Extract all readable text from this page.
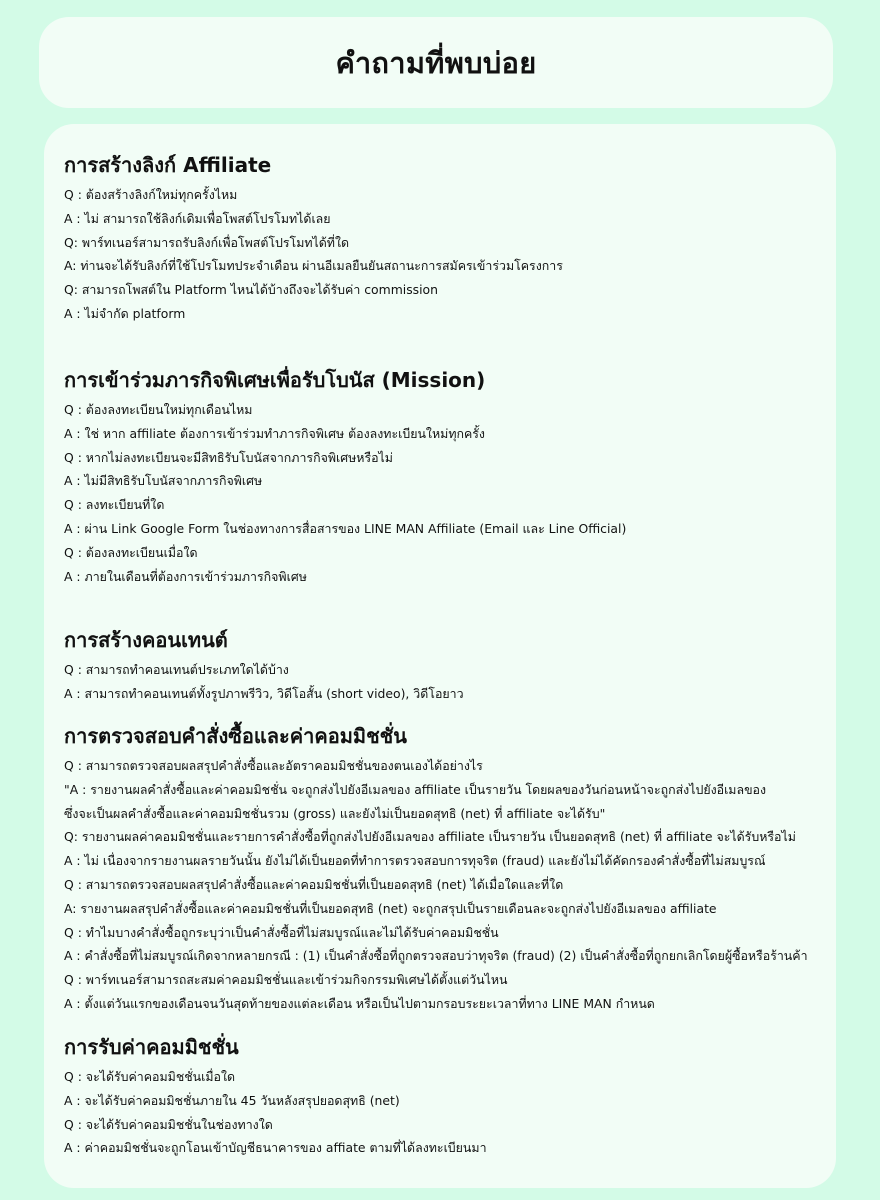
คำถามที่พบบ่อย
การสร้างลิงก์ Affiliate

Q : ต้องสร้างลิงก์ใหม่ทุกครั้งไหม

A : ไม่ สามารถใช้ลิงก์เดิมเพื่อโพสต์โปรโมทได้เลย

Q: พาร์ทเนอร์สามารถรับลิงก์เพื่อโพสต์โปรโมทได้ที่ใด

A: ท่านจะได้รับลิงก์ที่ใช้โปรโมทประจำเดือน ผ่านอีเมลยืนยันสถานะการสมัครเข้าร่วมโครงการ

Q: สามารถโพสต์ใน Platform ไหนได้บ้างถึงจะได้รับค่า commission

A : ไม่จำกัด platform

การเข้าร่วมภารกิจพิเศษเพื่อรับโบนัส (Mission)

Q : ต้องลงทะเบียนใหม่ทุกเดือนไหม

A : ใช่ หาก affiliate ต้องการเข้าร่วมทำภารกิจพิเศษ ต้องลงทะเบียนใหม่ทุกครั้ง

Q : หากไม่ลงทะเบียนจะมีสิทธิรับโบนัสจากภารกิจพิเศษหรือไม่

A : ไม่มีสิทธิรับโบนัสจากภารกิจพิเศษ

Q : ลงทะเบียนที่ใด

A : ผ่าน Link Google Form ในช่องทางการสื่อสารของ LINE MAN Affiliate (Email และ Line Official)

Q : ต้องลงทะเบียนเมื่อใด

A : ภายในเดือนที่ต้องการเข้าร่วมภารกิจพิเศษ

การสร้างคอนเทนต์

Q : สามารถทำคอนเทนต์ประเภทใดได้บ้าง

A : สามารถทำคอนเทนต์ทั้งรูปภาพรีวิว, วิดีโอสั้น (short video), วิดีโอยาว

การตรวจสอบคำสั่งซื้อและค่าคอมมิชชั่น

Q : สามารถตรวจสอบผลสรุปคำสั่งซื้อและอัตราคอมมิชชั่นของตนเองได้อย่างไร

"A : รายงานผลคำสั่งซื้อและค่าคอมมิชชั่น จะถูกส่งไปยังอีเมลของ affiliate เป็นรายวัน โดยผลของวันก่อนหน้าจะถูกส่งไปยังอีเมลของ

ซึ่งจะเป็นผลคำสั่งซื้อและค่าคอมมิชชั่นรวม (gross) และยังไม่เป็นยอดสุทธิ (net) ที่ affiliate จะได้รับ"

Q: รายงานผลค่าคอมมิชชั่นและรายการคำสั่งซื้อที่ถูกส่งไปยังอีเมลของ affiliate เป็นรายวัน เป็นยอดสุทธิ (net) ที่ affiliate จะได้รับหรือไม่

A : ไม่ เนื่องจากรายงานผลรายวันนั้น ยังไม่ได้เป็นยอดที่ทำการตรวจสอบการทุจริต (fraud) และยังไม่ได้คัดกรองคำสั่งซื้อที่ไม่สมบูรณ์

Q : สามารถตรวจสอบผลสรุปคำสั่งซื้อและค่าคอมมิชชั่นที่เป็นยอดสุทธิ (net) ได้เมื่อใดและที่ใด

A: รายงานผลสรุปคำสั่งซื้อและค่าคอมมิชชั่นที่เป็นยอดสุทธิ (net) จะถูกสรุปเป็นรายเดือนละจะถูกส่งไปยังอีเมลของ affiliate

Q : ทำไมบางคำสั่งซื้อถูกระบุว่าเป็นคำสั่งซื้อที่ไม่สมบูรณ์และไม่ได้รับค่าคอมมิชชั่น

A : คำสั่งซื้อที่ไม่สมบูรณ์เกิดจากหลายกรณี : (1) เป็นคำสั่งซื้อที่ถูกตรวจสอบว่าทุจริต (fraud) (2) เป็นคำสั่งซื้อที่ถูกยกเลิกโดยผู้ซื้อหรือร้านค้า

Q : พาร์ทเนอร์สามารถสะสมค่าคอมมิชชั่นและเข้าร่วมกิจกรรมพิเศษได้ตั้งแต่วันไหน

A : ตั้งแต่วันแรกของเดือนจนวันสุดท้ายของแต่ละเดือน หรือเป็นไปตามกรอบระยะเวลาที่ทาง LINE MAN กำหนด

การรับค่าคอมมิชชั่น

Q : จะได้รับค่าคอมมิชชั่นเมื่อใด

A : จะได้รับค่าคอมมิชชั่นภายใน 45 วันหลังสรุปยอดสุทธิ (net)

Q : จะได้รับค่าคอมมิชชั่นในช่องทางใด

A : ค่าคอมมิชชั่นจะถูกโอนเข้าบัญชีธนาคารของ affiate ตามที่ได้ลงทะเบียนมา
